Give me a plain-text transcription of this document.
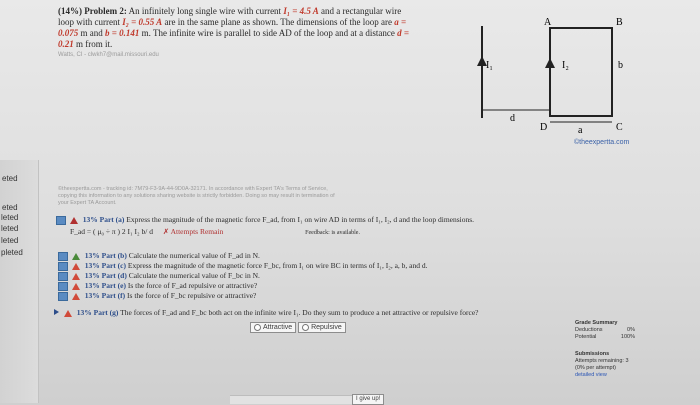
eted
eted
leted
leted
leted
pleted
(14%) Problem 2: An infinitely long single wire with current I₁ = 4.5 A and a rectangular wire
loop with current I₂ = 0.55 A are in the same plane as shown. The dimensions of the loop are a =
0.075 m and b = 0.141 m. The infinite wire is parallel to side AD of the loop and at a distance d =
0.21 m from it.
Watts, CI - clwkh7@mail.missouri.edu
A	B
C
D
I₁	I₂	b
d
a
©theexpertta.com
©theexpertta.com - tracking id: 7M79-F3-9A-44-9D0A-32171. In accordance with Expert TA's Terms of Service,
copying this information to any solutions sharing website is strictly forbidden. Doing so may result in termination of
your Expert TA Account.
13% Part (a) Express the magnitude of the magnetic force F_ad, from I₁ on wire AD in terms of I₁, I₂, d and the loop dimensions.
F_ad = ( μ₀ ÷ π ) 2 I₁ I₂ b/ d ✗ Attempts Remain	Feedback: is available.
13% Part (b) Calculate the numerical value of F_ad in N.
13% Part (c) Express the magnitude of the magnetic force F_bc, from I₁ on wire BC in terms of I₁, I₂, a, b, and d.
13% Part (d) Calculate the numerical value of F_bc in N.
13% Part (e) Is the force of F_ad repulsive or attractive?
13% Part (f) Is the force of F_bc repulsive or attractive?
13% Part (g) The forces of F_ad and F_bc both act on the infinite wire I₁. Do they sum to produce a net attractive or repulsive force?
Attractive	Repulsive
Grade Summary
Deductions	0%
Potential	100%
Submissions
Attempts remaining: 3
(0% per attempt)
detailed view
I give up!
